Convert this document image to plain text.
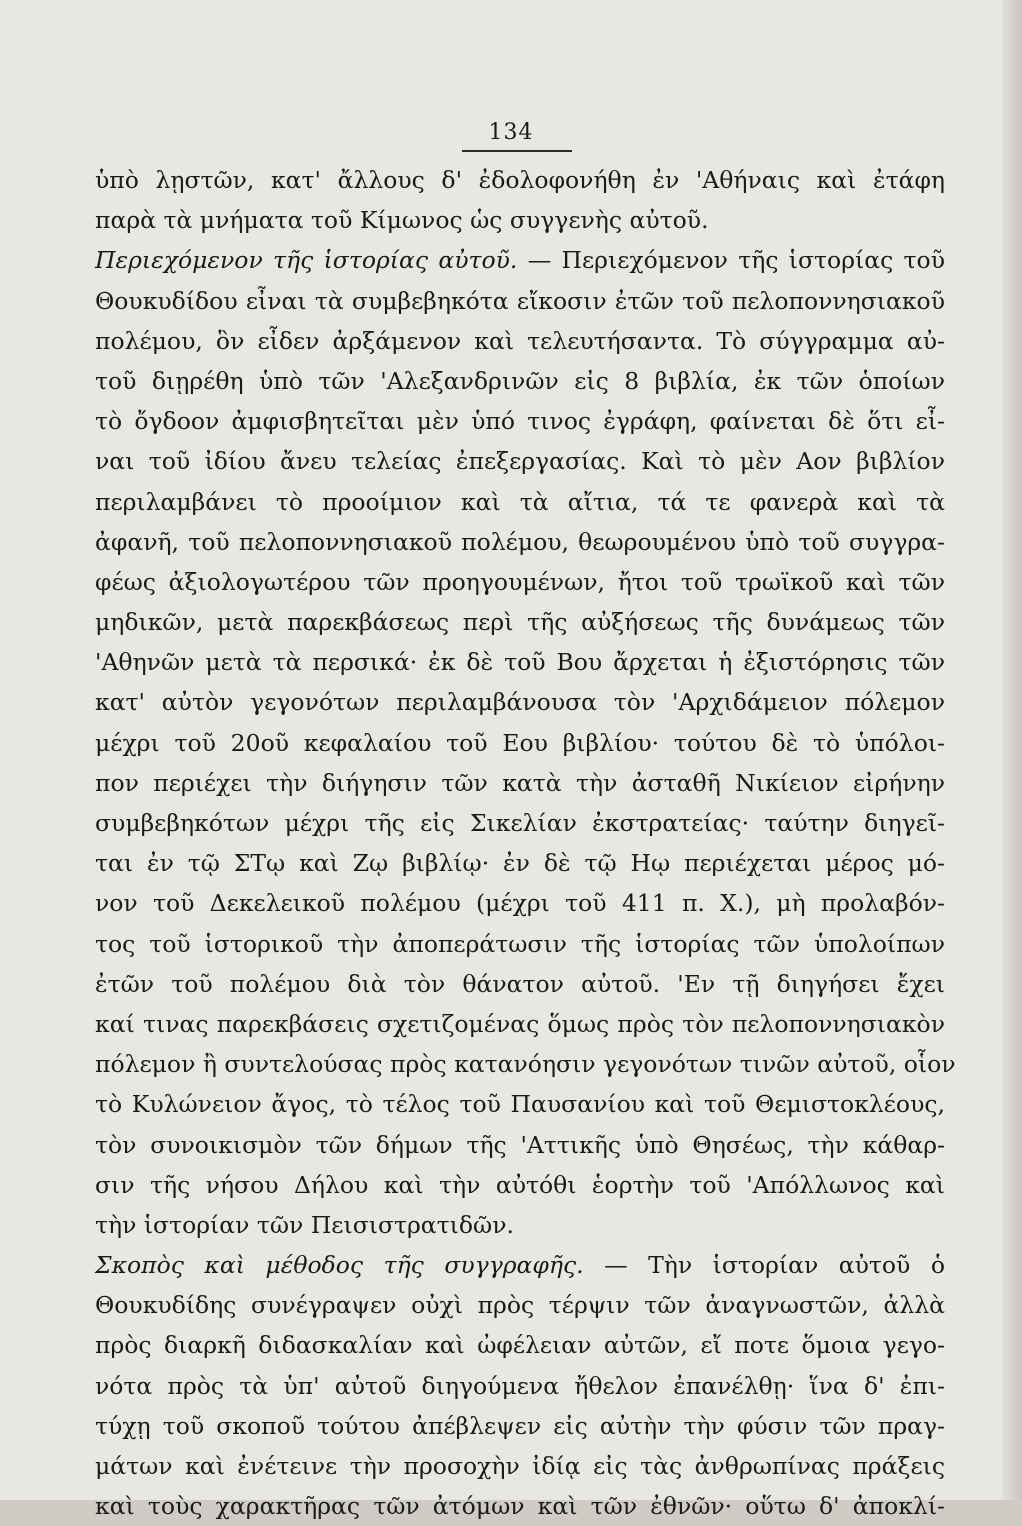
134
ὑπὸ λῃστῶν, κατ' ἄλλους δ' ἐδολοφονήθη ἐν 'Αθήναις καὶ ἐτάφη
παρὰ τὰ μνήματα τοῦ Κίμωνος ὡς συγγενὴς αὐτοῦ.
Περιεχόμενον τῆς ἱστορίας αὐτοῦ. — Περιεχόμενον τῆς ἱστορίας τοῦ
Θουκυδίδου εἶναι τὰ συμβεβηκότα εἴκοσιν ἐτῶν τοῦ πελοποννησιακοῦ
πολέμου, ὃν εἶδεν ἀρξάμενον καὶ τελευτήσαντα. Τὸ σύγγραμμα αὐ-
τοῦ διῃρέθη ὑπὸ τῶν 'Αλεξανδρινῶν εἰς 8 βιβλία, ἐκ τῶν ὁποίων
τὸ ὄγδοον ἀμφισβητεῖται μὲν ὑπό τινος ἐγράφη, φαίνεται δὲ ὅτι εἶ-
ναι τοῦ ἰδίου ἄνευ τελείας ἐπεξεργασίας. Καὶ τὸ μὲν Αον βιβλίον
περιλαμβάνει τὸ προοίμιον καὶ τὰ αἴτια, τά τε φανερὰ καὶ τὰ
ἀφανῆ, τοῦ πελοποννησιακοῦ πολέμου, θεωρουμένου ὑπὸ τοῦ συγγρα-
φέως ἀξιολογωτέρου τῶν προηγουμένων, ἤτοι τοῦ τρωϊκοῦ καὶ τῶν
μηδικῶν, μετὰ παρεκβάσεως περὶ τῆς αὐξήσεως τῆς δυνάμεως τῶν
'Αθηνῶν μετὰ τὰ περσικά· ἐκ δὲ τοῦ Βου ἄρχεται ἡ ἐξιστόρησις τῶν
κατ' αὐτὸν γεγονότων περιλαμβάνουσα τὸν 'Αρχιδάμειον πόλεμον
μέχρι τοῦ 20οῦ κεφαλαίου τοῦ Εου βιβλίου· τούτου δὲ τὸ ὑπόλοι-
πον περιέχει τὴν διήγησιν τῶν κατὰ τὴν ἀσταθῆ Νικίειον εἰρήνην
συμβεβηκότων μέχρι τῆς εἰς Σικελίαν ἐκστρατείας· ταύτην διηγεῖ-
ται ἐν τῷ ΣΤῳ καὶ Ζῳ βιβλίῳ· ἐν δὲ τῷ Ηῳ περιέχεται μέρος μό-
νον τοῦ Δεκελεικοῦ πολέμου (μέχρι τοῦ 411 π. Χ.), μὴ προλαβόν-
τος τοῦ ἱστορικοῦ τὴν ἀποπεράτωσιν τῆς ἱστορίας τῶν ὑπολοίπων
ἐτῶν τοῦ πολέμου διὰ τὸν θάνατον αὐτοῦ. 'Εν τῇ διηγήσει ἔχει
καί τινας παρεκβάσεις σχετιζομένας ὅμως πρὸς τὸν πελοποννησιακὸν
πόλεμον ἢ συντελούσας πρὸς κατανόησιν γεγονότων τινῶν αὐτοῦ, οἷον
τὸ Κυλώνειον ἄγος, τὸ τέλος τοῦ Παυσανίου καὶ τοῦ Θεμιστοκλέους,
τὸν συνοικισμὸν τῶν δήμων τῆς 'Αττικῆς ὑπὸ Θησέως, τὴν κάθαρ-
σιν τῆς νήσου Δήλου καὶ τὴν αὐτόθι ἑορτὴν τοῦ 'Απόλλωνος καὶ
τὴν ἱστορίαν τῶν Πεισιστρατιδῶν.
Σκοπὸς καὶ μέθοδος τῆς συγγραφῆς. — Τὴν ἱστορίαν αὐτοῦ ὁ
Θουκυδίδης συνέγραψεν οὐχὶ πρὸς τέρψιν τῶν ἀναγνωστῶν, ἀλλὰ
πρὸς διαρκῆ διδασκαλίαν καὶ ὠφέλειαν αὐτῶν, εἴ ποτε ὅμοια γεγο-
νότα πρὸς τὰ ὑπ' αὐτοῦ διηγούμενα ἤθελον ἐπανέλθῃ· ἵνα δ' ἐπι-
τύχῃ τοῦ σκοποῦ τούτου ἀπέβλεψεν εἰς αὐτὴν τὴν φύσιν τῶν πραγ-
μάτων καὶ ἐνέτεινε τὴν προσοχὴν ἰδίᾳ εἰς τὰς ἀνθρωπίνας πράξεις
καὶ τοὺς χαρακτῆρας τῶν ἀτόμων καὶ τῶν ἐθνῶν· οὕτω δ' ἀποκλί-
